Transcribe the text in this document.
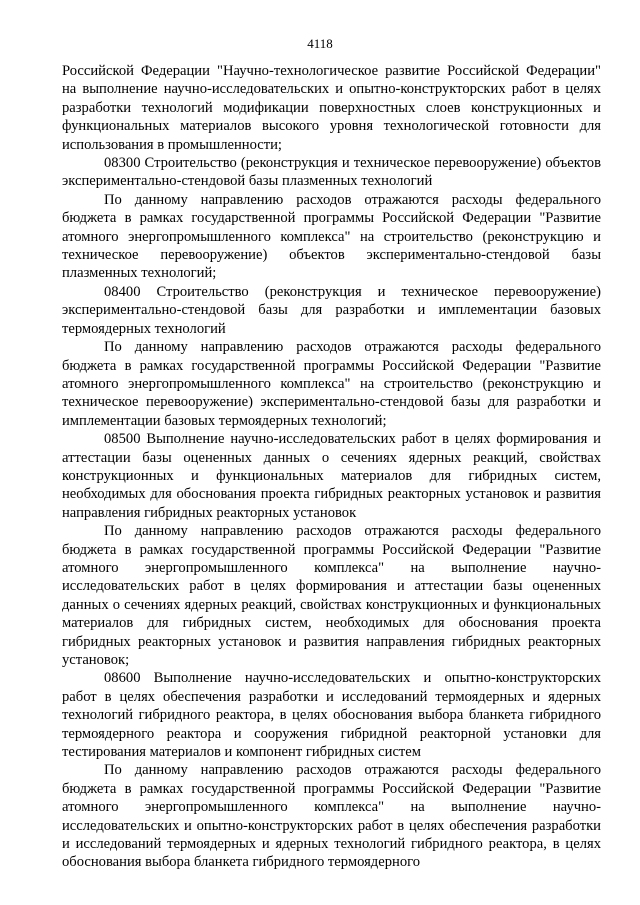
4118

Российской Федерации "Научно-технологическое развитие Российской Федерации" на выполнение научно-исследовательских и опытно-конструкторских работ в целях разработки технологий модификации поверхностных слоев конструкционных и функциональных материалов высокого уровня технологической готовности для использования в промышленности;

08300 Строительство (реконструкция и техническое перевооружение) объектов экспериментально-стендовой базы плазменных технологий

По данному направлению расходов отражаются расходы федерального бюджета в рамках государственной программы Российской Федерации "Развитие атомного энергопромышленного комплекса" на строительство (реконструкцию и техническое перевооружение) объектов экспериментально-стендовой базы плазменных технологий;

08400 Строительство (реконструкция и техническое перевооружение) экспериментально-стендовой базы для разработки и имплементации базовых термоядерных технологий

По данному направлению расходов отражаются расходы федерального бюджета в рамках государственной программы Российской Федерации "Развитие атомного энергопромышленного комплекса" на строительство (реконструкцию и техническое перевооружение) экспериментально-стендовой базы для разработки и имплементации базовых термоядерных технологий;

08500 Выполнение научно-исследовательских работ в целях формирования и аттестации базы оцененных данных о сечениях ядерных реакций, свойствах конструкционных и функциональных материалов для гибридных систем, необходимых для обоснования проекта гибридных реакторных установок и развития направления гибридных реакторных установок

По данному направлению расходов отражаются расходы федерального бюджета в рамках государственной программы Российской Федерации "Развитие атомного энергопромышленного комплекса" на выполнение научно-исследовательских работ в целях формирования и аттестации базы оцененных данных о сечениях ядерных реакций, свойствах конструкционных и функциональных материалов для гибридных систем, необходимых для обоснования проекта гибридных реакторных установок и развития направления гибридных реакторных установок;

08600 Выполнение научно-исследовательских и опытно-конструкторских работ в целях обеспечения разработки и исследований термоядерных и ядерных технологий гибридного реактора, в целях обоснования выбора бланкета гибридного термоядерного реактора и сооружения гибридной реакторной установки для тестирования материалов и компонент гибридных систем

По данному направлению расходов отражаются расходы федерального бюджета в рамках государственной программы Российской Федерации "Развитие атомного энергопромышленного комплекса" на выполнение научно-исследовательских и опытно-конструкторских работ в целях обеспечения разработки и исследований термоядерных и ядерных технологий гибридного реактора, в целях обоснования выбора бланкета гибридного термоядерного
